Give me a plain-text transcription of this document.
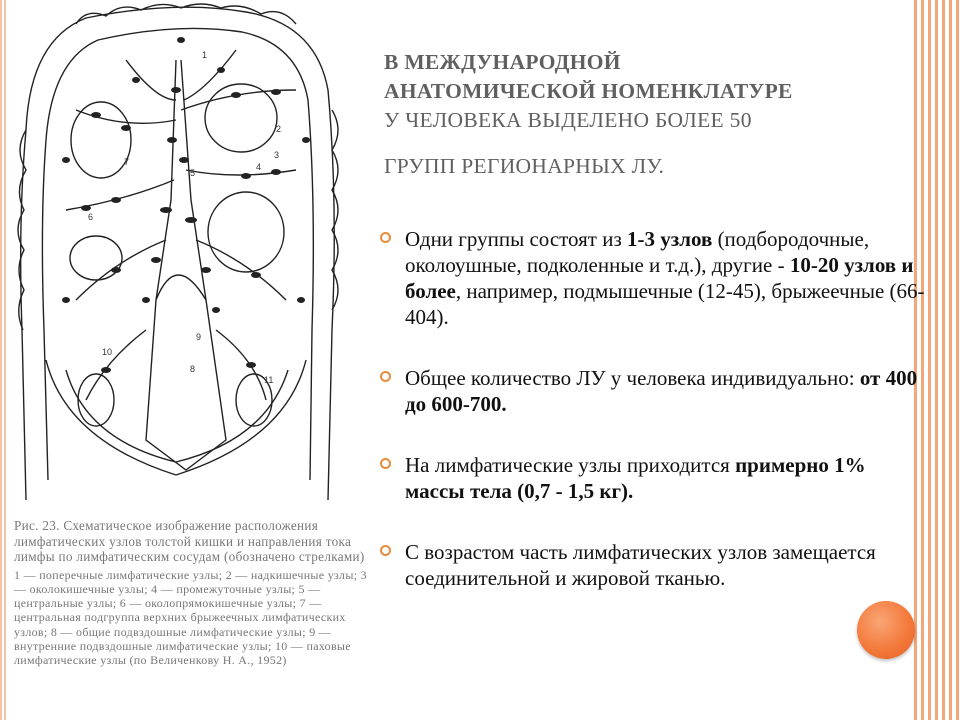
1
2
3
4
5
6
7
8
9
10
11
Рис. 23. Схематическое изображение расположения лимфатических узлов толстой кишки и направления тока лимфы по лимфатическим сосудам (обозначено стрелками)
1 — поперечные лимфатические узлы; 2 — надкишечные узлы; 3 — околокишечные узлы; 4 — промежуточные узлы; 5 — центральные узлы; 6 — околопрямокишечные узлы; 7 — центральная подгруппа верхних брыжеечных лимфатических узлов; 8 — общие подвздошные лимфатические узлы; 9 — внутренние подвздошные лимфатические узлы; 10 — паховые лимфатические узлы (по Величенкову Н. А., 1952)
В МЕЖДУНАРОДНОЙ
АНАТОМИЧЕСКОЙ НОМЕНКЛАТУРЕ
У ЧЕЛОВЕКА ВЫДЕЛЕНО БОЛЕЕ 50
ГРУПП РЕГИОНАРНЫХ ЛУ.
Одни группы состоят из 1-3 узлов (подбородочные, околоушные, подколенные и т.д.), другие - 10-20 узлов и более, например, подмышечные (12-45), брыжеечные (66-404).
Общее количество ЛУ у человека индивидуально: от 400 до 600-700.
На лимфатические узлы приходится примерно 1% массы тела (0,7 - 1,5 кг).
С возрастом часть лимфатических узлов замещается соединительной и жировой тканью.
